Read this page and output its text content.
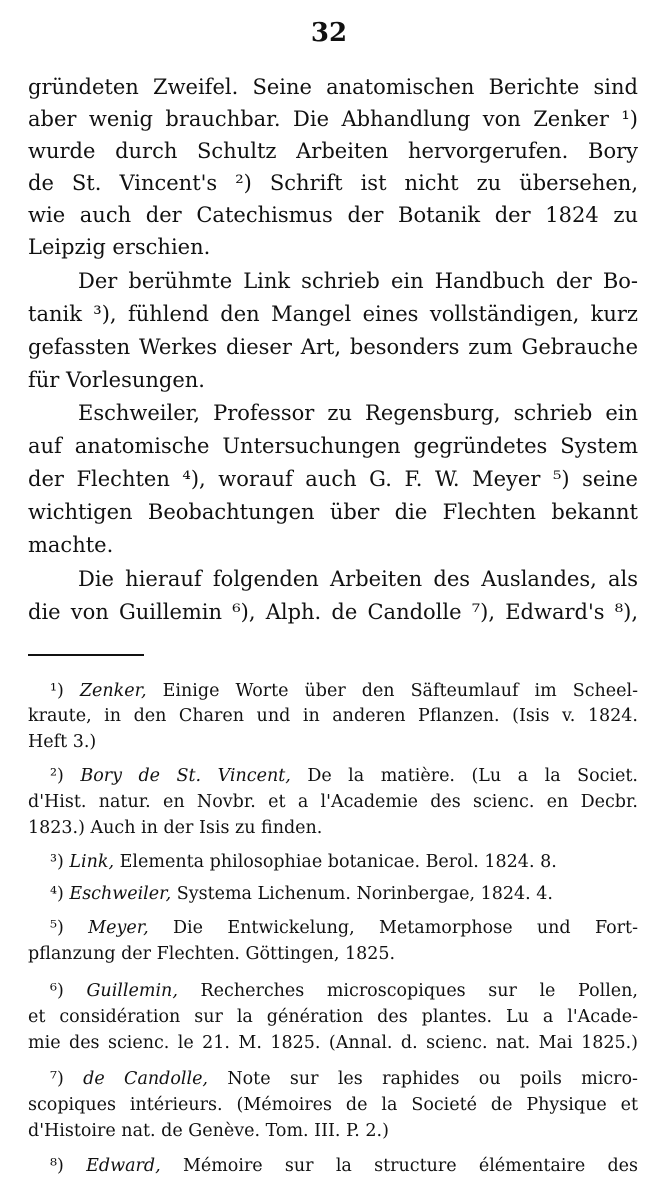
32
gründeten Zweifel. Seine anatomischen Berichte sind
aber wenig brauchbar. Die Abhandlung von Zenker ¹)
wurde durch Schultz Arbeiten hervorgerufen. Bory
de St. Vincent's ²) Schrift ist nicht zu übersehen,
wie auch der Catechismus der Botanik der 1824 zu
Leipzig erschien.
Der berühmte Link schrieb ein Handbuch der Bo-
tanik ³), fühlend den Mangel eines vollständigen, kurz
gefassten Werkes dieser Art, besonders zum Gebrauche
für Vorlesungen.
Eschweiler, Professor zu Regensburg, schrieb ein
auf anatomische Untersuchungen gegründetes System
der Flechten ⁴), worauf auch G. F. W. Meyer ⁵) seine
wichtigen Beobachtungen über die Flechten bekannt
machte.
Die hierauf folgenden Arbeiten des Auslandes, als
die von Guillemin ⁶), Alph. de Candolle ⁷), Edward's ⁸),
¹) Zenker, Einige Worte über den Säfteumlauf im Scheel-
kraute, in den Charen und in anderen Pflanzen. (Isis v. 1824.
Heft 3.)
²) Bory de St. Vincent, De la matière. (Lu a la Societ.
d'Hist. natur. en Novbr. et a l'Academie des scienc. en Decbr.
1823.) Auch in der Isis zu finden.
³) Link, Elementa philosophiae botanicae. Berol. 1824. 8.
⁴) Eschweiler, Systema Lichenum. Norinbergae, 1824. 4.
⁵) Meyer, Die Entwickelung, Metamorphose und Fort-
pflanzung der Flechten. Göttingen, 1825.
⁶) Guillemin, Recherches microscopiques sur le Pollen,
et considération sur la génération des plantes. Lu a l'Acade-
mie des scienc. le 21. M. 1825. (Annal. d. scienc. nat. Mai 1825.)
⁷) de Candolle, Note sur les raphides ou poils micro-
scopiques intérieurs. (Mémoires de la Societé de Physique et
d'Histoire nat. de Genève. Tom. III. P. 2.)
⁸) Edward, Mémoire sur la structure élémentaire des
